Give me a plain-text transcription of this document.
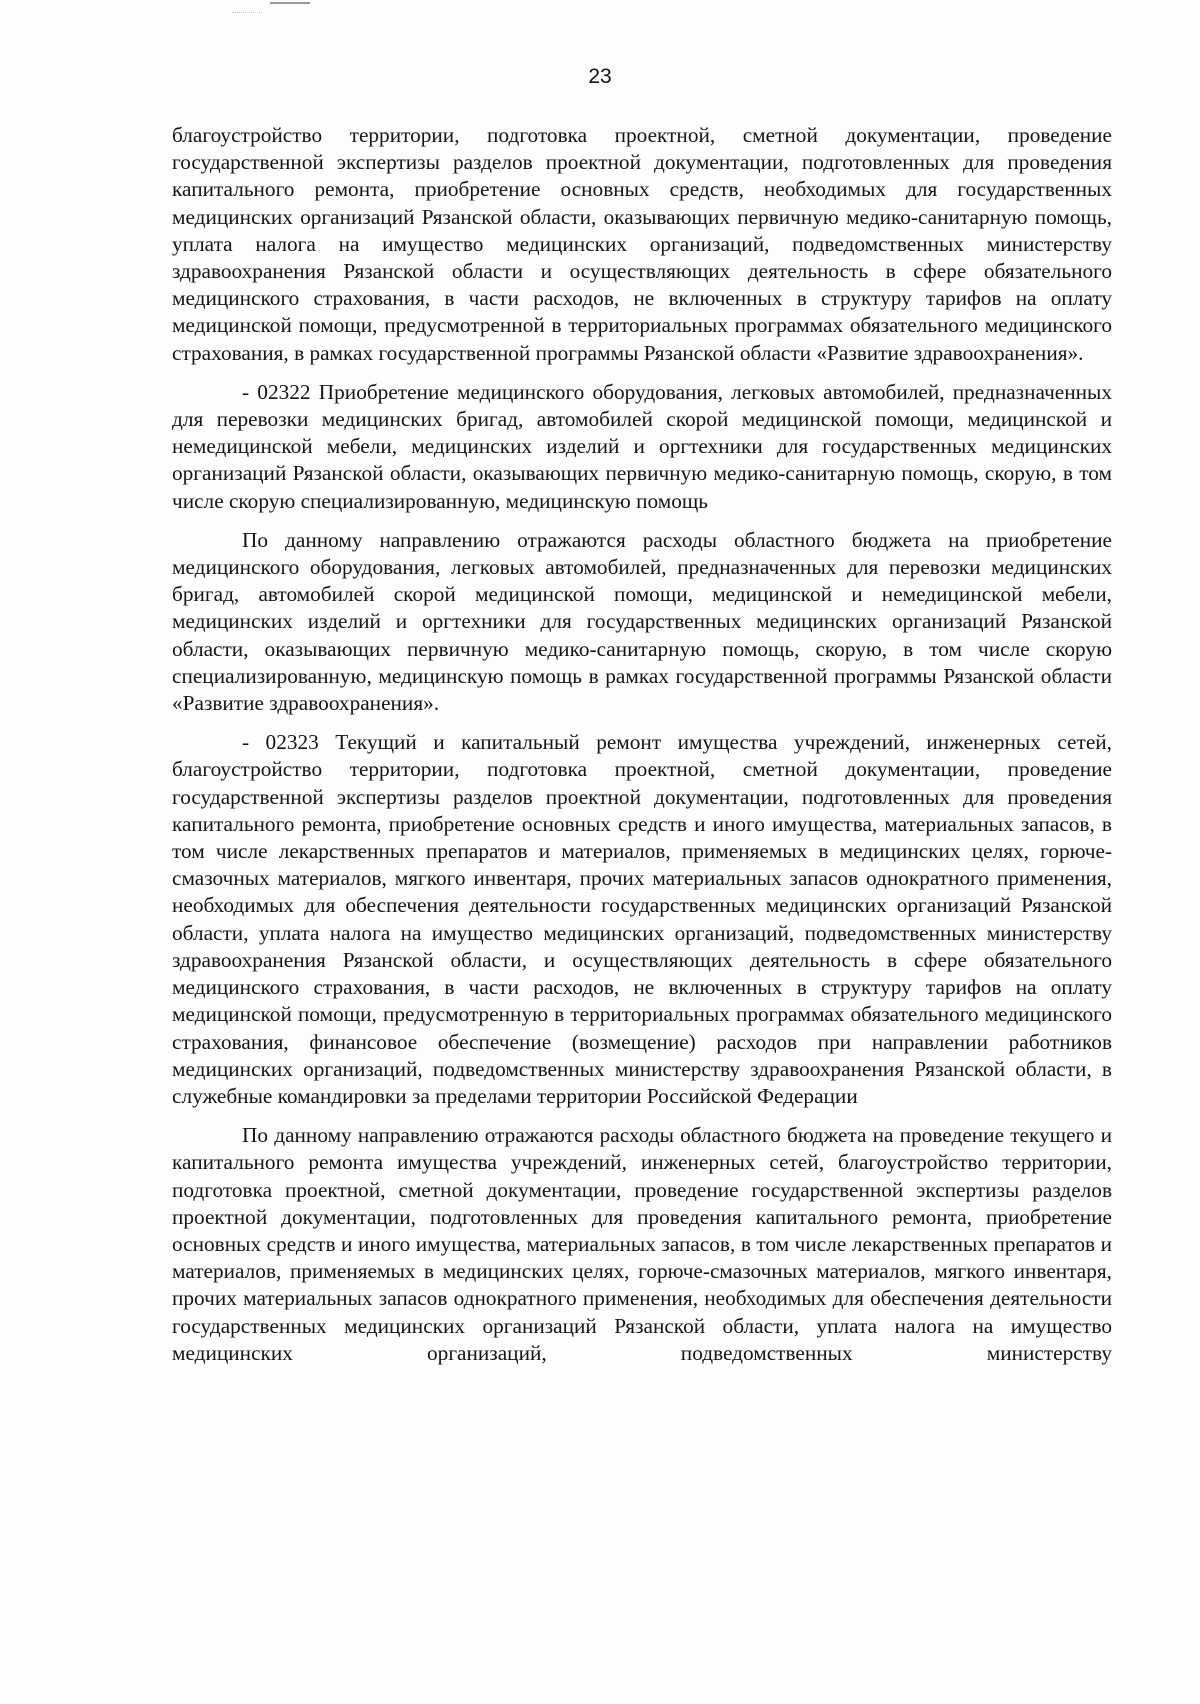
23

благоустройство территории, подготовка проектной, сметной документации, проведение государственной экспертизы разделов проектной документации, подготовленных для проведения капитального ремонта, приобретение основных средств, необходимых для государственных медицинских организаций Рязанской области, оказывающих первичную медико-санитарную помощь, уплата налога на имущество медицинских организаций, подведомственных министерству здравоохранения Рязанской области и осуществляющих деятельность в сфере обязательного медицинского страхования, в части расходов, не включенных в структуру тарифов на оплату медицинской помощи, предусмотренной в территориальных программах обязательного медицинского страхования, в рамках государственной программы Рязанской области «Развитие здравоохранения».

- 02322 Приобретение медицинского оборудования, легковых автомобилей, предназначенных для перевозки медицинских бригад, автомобилей скорой медицинской помощи, медицинской и немедицинской мебели, медицинских изделий и оргтехники для государственных медицинских организаций Рязанской области, оказывающих первичную медико-санитарную помощь, скорую, в том числе скорую специализированную, медицинскую помощь

По данному направлению отражаются расходы областного бюджета на приобретение медицинского оборудования, легковых автомобилей, предназначенных для перевозки медицинских бригад, автомобилей скорой медицинской помощи, медицинской и немедицинской мебели, медицинских изделий и оргтехники для государственных медицинских организаций Рязанской области, оказывающих первичную медико-санитарную помощь, скорую, в том числе скорую специализированную, медицинскую помощь в рамках государственной программы Рязанской области «Развитие здравоохранения».

- 02323 Текущий и капитальный ремонт имущества учреждений, инженерных сетей, благоустройство территории, подготовка проектной, сметной документации, проведение государственной экспертизы разделов проектной документации, подготовленных для проведения капитального ремонта, приобретение основных средств и иного имущества, материальных запасов, в том числе лекарственных препаратов и материалов, применяемых в медицинских целях, горюче-смазочных материалов, мягкого инвентаря, прочих материальных запасов однократного применения, необходимых для обеспечения деятельности государственных медицинских организаций Рязанской области, уплата налога на имущество медицинских организаций, подведомственных министерству здравоохранения Рязанской области, и осуществляющих деятельность в сфере обязательного медицинского страхования, в части расходов, не включенных в структуру тарифов на оплату медицинской помощи, предусмотренную в территориальных программах обязательного медицинского страхования, финансовое обеспечение (возмещение) расходов при направлении работников медицинских организаций, подведомственных министерству здравоохранения Рязанской области, в служебные командировки за пределами территории Российской Федерации

По данному направлению отражаются расходы областного бюджета на проведение текущего и капитального ремонта имущества учреждений, инженерных сетей, благоустройство территории, подготовка проектной, сметной документации, проведение государственной экспертизы разделов проектной документации, подготовленных для проведения капитального ремонта, приобретение основных средств и иного имущества, материальных запасов, в том числе лекарственных препаратов и материалов, применяемых в медицинских целях, горюче-смазочных материалов, мягкого инвентаря, прочих материальных запасов однократного применения, необходимых для обеспечения деятельности государственных медицинских организаций Рязанской области, уплата налога на имущество медицинских организаций, подведомственных министерству
